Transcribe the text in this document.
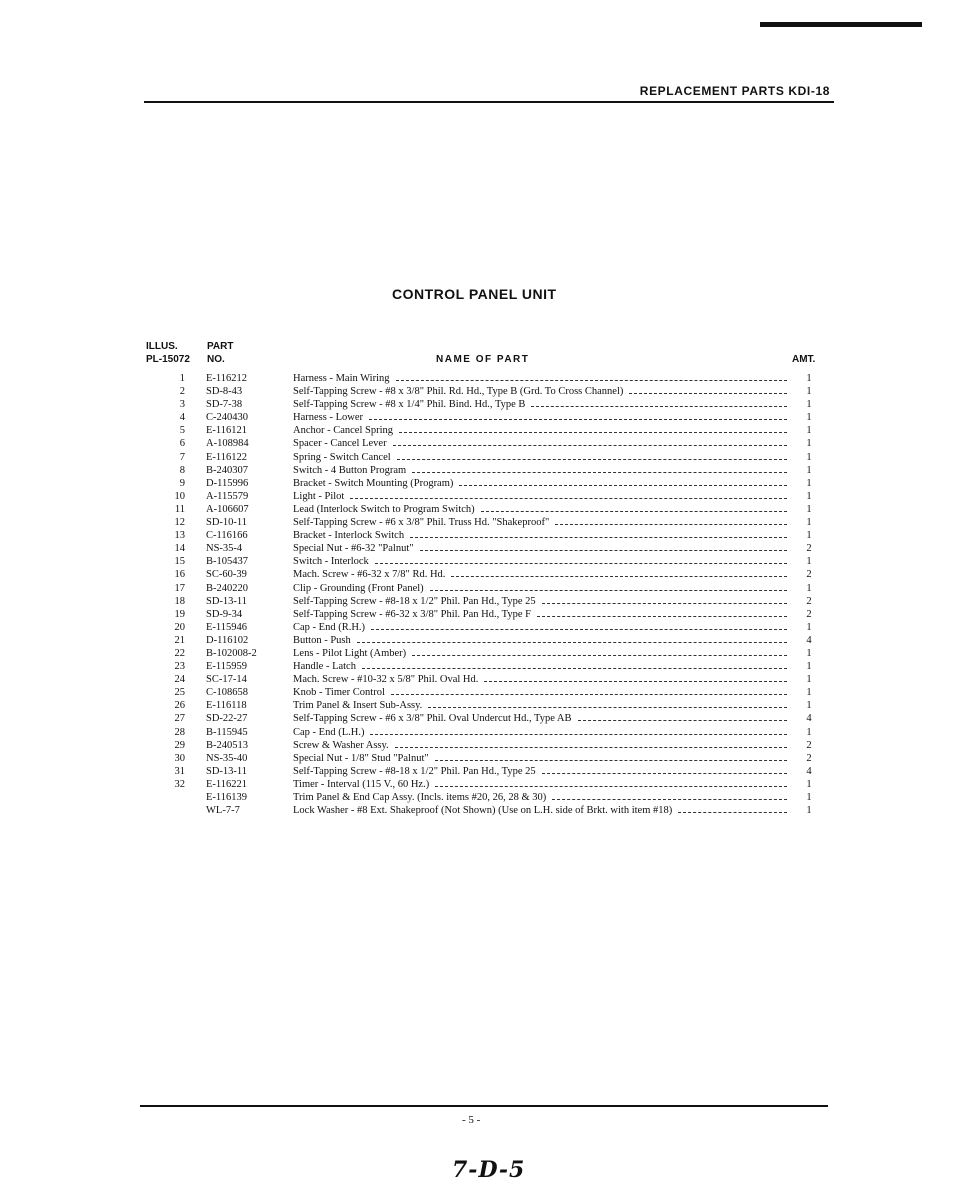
REPLACEMENT PARTS KDI-18
CONTROL PANEL UNIT
ILLUS.
PL-15072
PART
NO.	NAME OF PART	AMT.
1 E-116212	Harness - Main Wiring	1
2 SD-8-43	Self-Tapping Screw - #8 x 3/8" Phil. Rd. Hd., Type B (Grd. To Cross Channel)	1
3 SD-7-38	Self-Tapping Screw - #8 x 1/4" Phil. Bind. Hd., Type B	1
4 C-240430	Harness - Lower	1
5 E-116121	Anchor - Cancel Spring	1
6 A-108984	Spacer - Cancel Lever	1
7 E-116122	Spring - Switch Cancel	1
8 B-240307	Switch - 4 Button Program	1
9 D-115996	Bracket - Switch Mounting (Program)	1
10 A-115579	Light - Pilot	1
11 A-106607	Lead (Interlock Switch to Program Switch)	1
12 SD-10-11	Self-Tapping Screw - #6 x 3/8" Phil. Truss Hd. "Shakeproof"	1
13 C-116166	Bracket - Interlock Switch	1
14 NS-35-4	Special Nut - #6-32 "Palnut"	2
15 B-105437	Switch - Interlock	1
16 SC-60-39	Mach. Screw - #6-32 x 7/8" Rd. Hd.	2
17 B-240220	Clip - Grounding (Front Panel)	1
18 SD-13-11	Self-Tapping Screw - #8-18 x 1/2" Phil. Pan Hd., Type 25	2
19 SD-9-34	Self-Tapping Screw - #6-32 x 3/8" Phil. Pan Hd., Type F	2
20 E-115946	Cap - End (R.H.)	1
21 D-116102	Button - Push	4
22 B-102008-2	Lens - Pilot Light (Amber)	1
23 E-115959	Handle - Latch	1
24 SC-17-14	Mach. Screw - #10-32 x 5/8" Phil. Oval Hd.	1
25 C-108658	Knob - Timer Control	1
26 E-116118	Trim Panel & Insert Sub-Assy.	1
27 SD-22-27	Self-Tapping Screw - #6 x 3/8" Phil. Oval Undercut Hd., Type AB	4
28 B-115945	Cap - End (L.H.)	1
29 B-240513	Screw & Washer Assy.	2
30 NS-35-40	Special Nut - 1/8" Stud "Palnut"	2
31 SD-13-11	Self-Tapping Screw - #8-18 x 1/2" Phil. Pan Hd., Type 25	4
32 E-116221	Timer - Interval (115 V., 60 Hz.)	1
E-116139	Trim Panel & End Cap Assy. (Incls. items #20, 26, 28 & 30)	1
WL-7-7	Lock Washer - #8 Ext. Shakeproof (Not Shown) (Use on L.H. side of Brkt. with item #18)	1
- 5 -
7-D-5
